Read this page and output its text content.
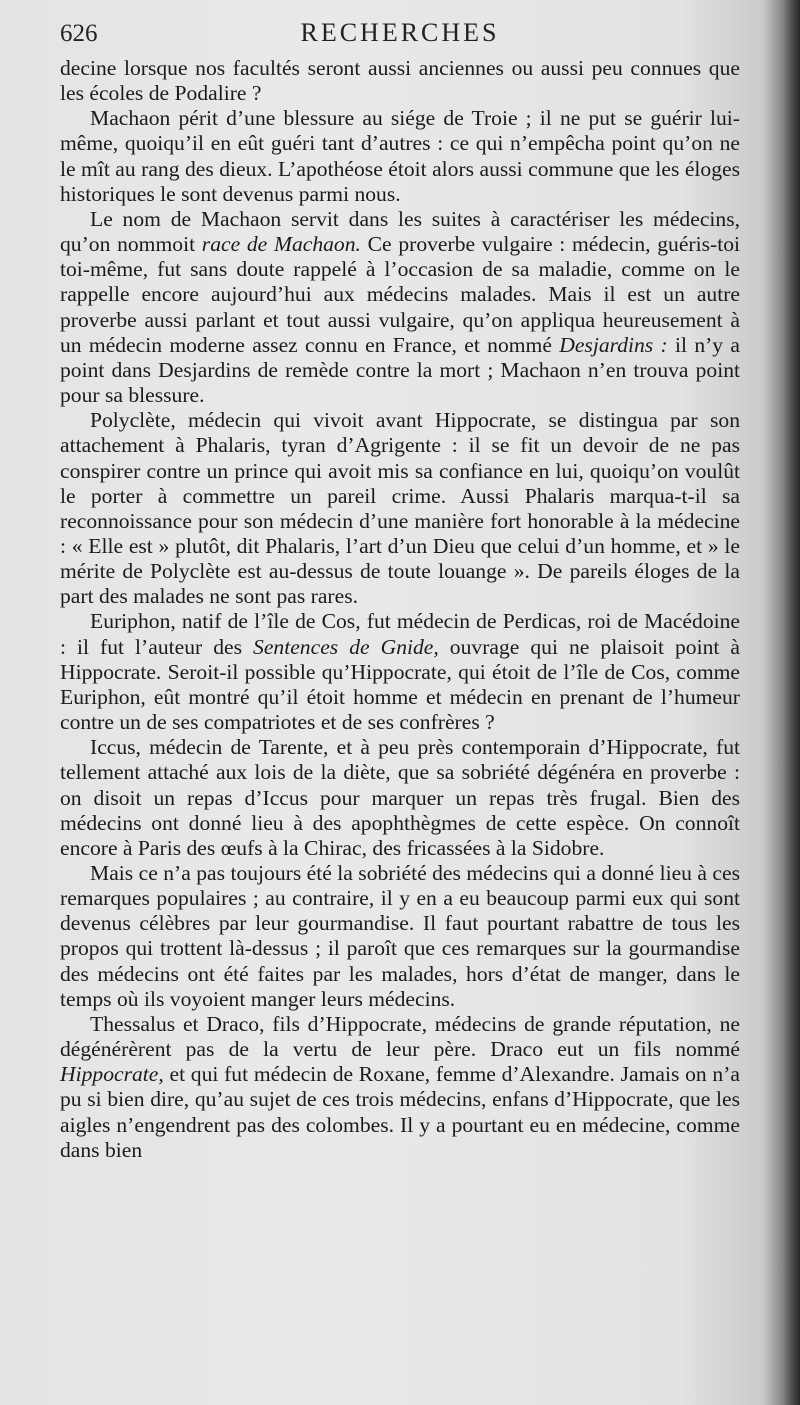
626	RECHERCHES

decine lorsque nos facultés seront aussi anciennes ou aussi peu connues que les écoles de Podalire ?

Machaon périt d’une blessure au siége de Troie ; il ne put se guérir lui-même, quoiqu’il en eût guéri tant d’autres : ce qui n’empêcha point qu’on ne le mît au rang des dieux. L’apothéose étoit alors aussi commune que les éloges historiques le sont devenus parmi nous.

Le nom de Machaon servit dans les suites à caractériser les médecins, qu’on nommoit race de Machaon. Ce proverbe vulgaire : médecin, guéris-toi toi-même, fut sans doute rappelé à l’occasion de sa maladie, comme on le rappelle encore aujourd’hui aux médecins malades. Mais il est un autre proverbe aussi parlant et tout aussi vulgaire, qu’on appliqua heureusement à un médecin moderne assez connu en France, et nommé Desjardins : il n’y a point dans Desjardins de remède contre la mort ; Machaon n’en trouva point pour sa blessure.

Polyclète, médecin qui vivoit avant Hippocrate, se distingua par son attachement à Phalaris, tyran d’Agrigente : il se fit un devoir de ne pas conspirer contre un prince qui avoit mis sa confiance en lui, quoiqu’on voulût le porter à commettre un pareil crime. Aussi Phalaris marqua-t-il sa reconnoissance pour son médecin d’une manière fort honorable à la médecine : « Elle est » plutôt, dit Phalaris, l’art d’un Dieu que celui d’un homme, et » le mérite de Polyclète est au-dessus de toute louange ». De pareils éloges de la part des malades ne sont pas rares.

Euriphon, natif de l’île de Cos, fut médecin de Perdicas, roi de Macédoine : il fut l’auteur des Sentences de Gnide, ouvrage qui ne plaisoit point à Hippocrate. Seroit-il possible qu’Hippocrate, qui étoit de l’île de Cos, comme Euriphon, eût montré qu’il étoit homme et médecin en prenant de l’humeur contre un de ses compatriotes et de ses confrères ?

Iccus, médecin de Tarente, et à peu près contemporain d’Hippocrate, fut tellement attaché aux lois de la diète, que sa sobriété dégénéra en proverbe : on disoit un repas d’Iccus pour marquer un repas très frugal. Bien des médecins ont donné lieu à des apophthègmes de cette espèce. On connoît encore à Paris des œufs à la Chirac, des fricassées à la Sidobre.

Mais ce n’a pas toujours été la sobriété des médecins qui a donné lieu à ces remarques populaires ; au contraire, il y en a eu beaucoup parmi eux qui sont devenus célèbres par leur gourmandise. Il faut pourtant rabattre de tous les propos qui trottent là-dessus ; il paroît que ces remarques sur la gourmandise des médecins ont été faites par les malades, hors d’état de manger, dans le temps où ils voyoient manger leurs médecins.

Thessalus et Draco, fils d’Hippocrate, médecins de grande réputation, ne dégénérèrent pas de la vertu de leur père. Draco eut un fils nommé Hippocrate, et qui fut médecin de Roxane, femme d’Alexandre. Jamais on n’a pu si bien dire, qu’au sujet de ces trois médecins, enfans d’Hippocrate, que les aigles n’engendrent pas des colombes. Il y a pourtant eu en médecine, comme dans bien
